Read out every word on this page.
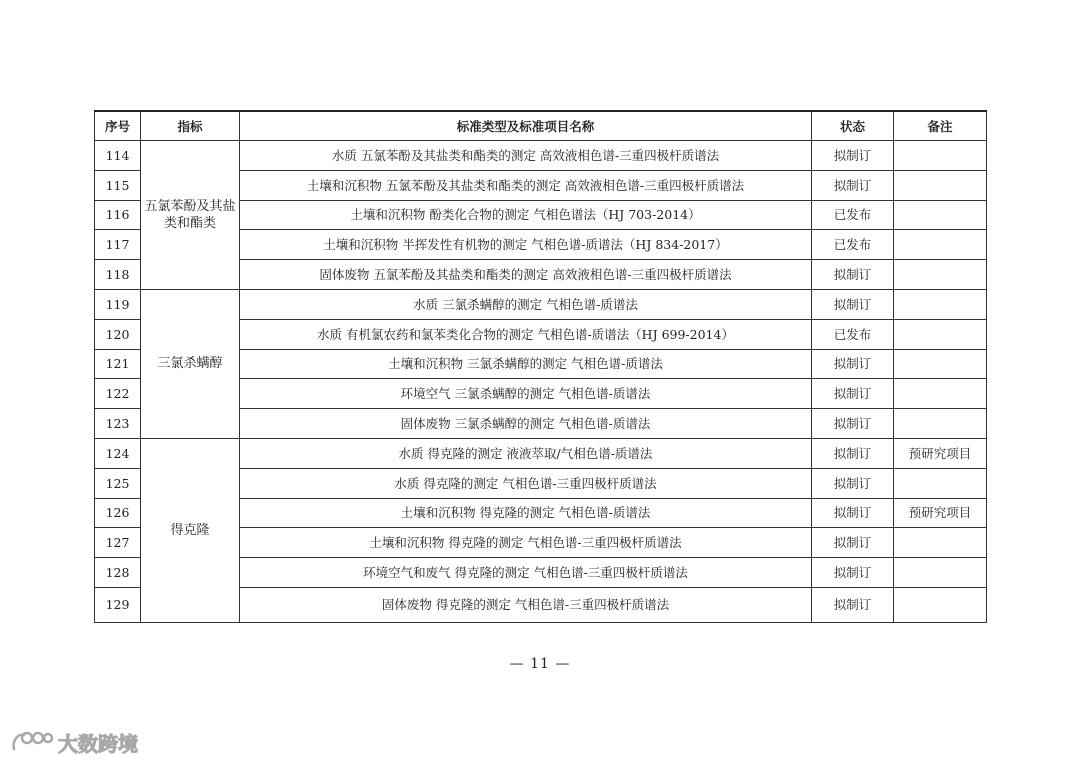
序号	指标	标准类型及标准项目名称	状态	备注
114	五氯苯酚及其盐类和酯类	水质 五氯苯酚及其盐类和酯类的测定 高效液相色谱-三重四极杆质谱法	拟制订	
115		土壤和沉积物 五氯苯酚及其盐类和酯类的测定 高效液相色谱-三重四极杆质谱法	拟制订	
116		土壤和沉积物 酚类化合物的测定 气相色谱法（HJ 703-2014）	已发布	
117		土壤和沉积物 半挥发性有机物的测定 气相色谱-质谱法（HJ 834-2017）	已发布	
118		固体废物 五氯苯酚及其盐类和酯类的测定 高效液相色谱-三重四极杆质谱法	拟制订	
119	三氯杀螨醇	水质 三氯杀螨醇的测定 气相色谱-质谱法	拟制订	
120		水质 有机氯农药和氯苯类化合物的测定 气相色谱-质谱法（HJ 699-2014）	已发布	
121		土壤和沉积物 三氯杀螨醇的测定 气相色谱-质谱法	拟制订	
122		环境空气 三氯杀螨醇的测定 气相色谱-质谱法	拟制订	
123		固体废物 三氯杀螨醇的测定 气相色谱-质谱法	拟制订	
124	得克隆	水质 得克隆的测定 液液萃取/气相色谱-质谱法	拟制订	预研究项目
125		水质 得克隆的测定 气相色谱-三重四极杆质谱法	拟制订	
126		土壤和沉积物 得克隆的测定 气相色谱-质谱法	拟制订	预研究项目
127		土壤和沉积物 得克隆的测定 气相色谱-三重四极杆质谱法	拟制订	
128		环境空气和废气 得克隆的测定 气相色谱-三重四极杆质谱法	拟制订	
129		固体废物 得克隆的测定 气相色谱-三重四极杆质谱法	拟制订	
— 11 —
大数跨境
